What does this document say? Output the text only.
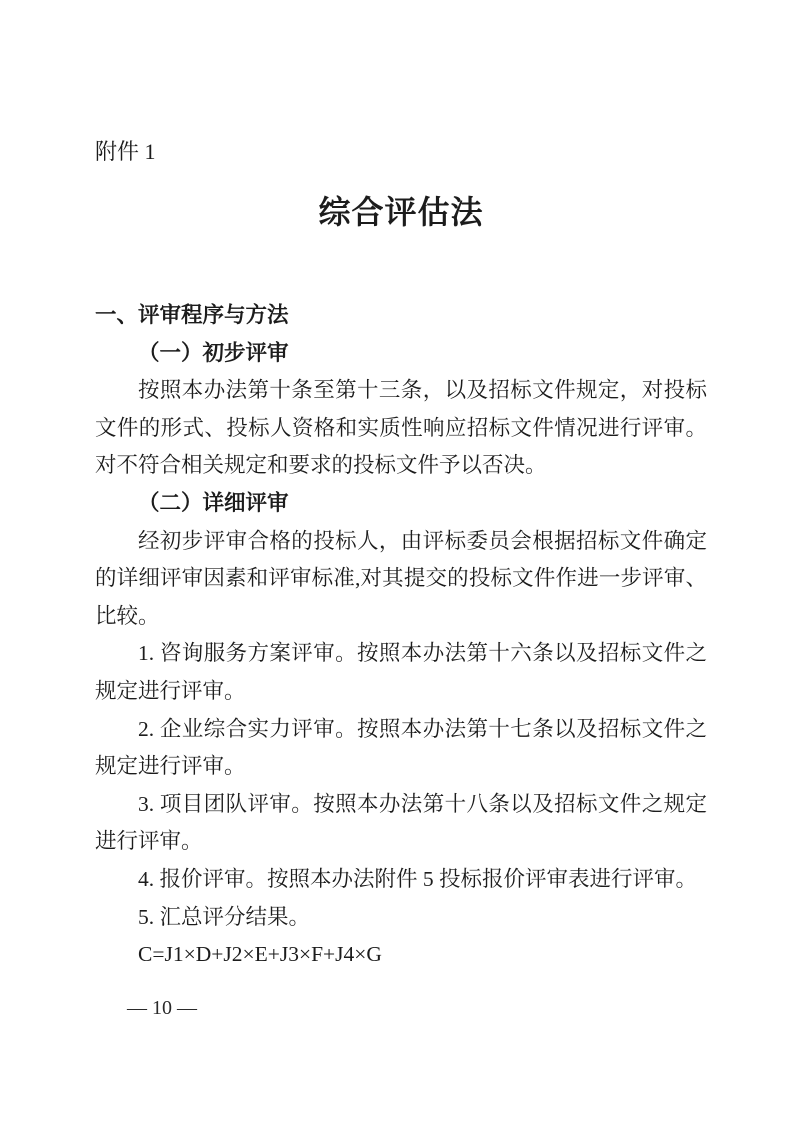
附件 1
综合评估法

一、评审程序与方法

（一）初步评审

按照本办法第十条至第十三条，以及招标文件规定，对投标文件的形式、投标人资格和实质性响应招标文件情况进行评审。对不符合相关规定和要求的投标文件予以否决。

（二）详细评审

经初步评审合格的投标人，由评标委员会根据招标文件确定的详细评审因素和评审标准,对其提交的投标文件作进一步评审、比较。

1. 咨询服务方案评审。按照本办法第十六条以及招标文件之规定进行评审。

2. 企业综合实力评审。按照本办法第十七条以及招标文件之规定进行评审。

3. 项目团队评审。按照本办法第十八条以及招标文件之规定进行评审。

4. 报价评审。按照本办法附件 5 投标报价评审表进行评审。

5. 汇总评分结果。

C=J1×D+J2×E+J3×F+J4×G

— 10 —
